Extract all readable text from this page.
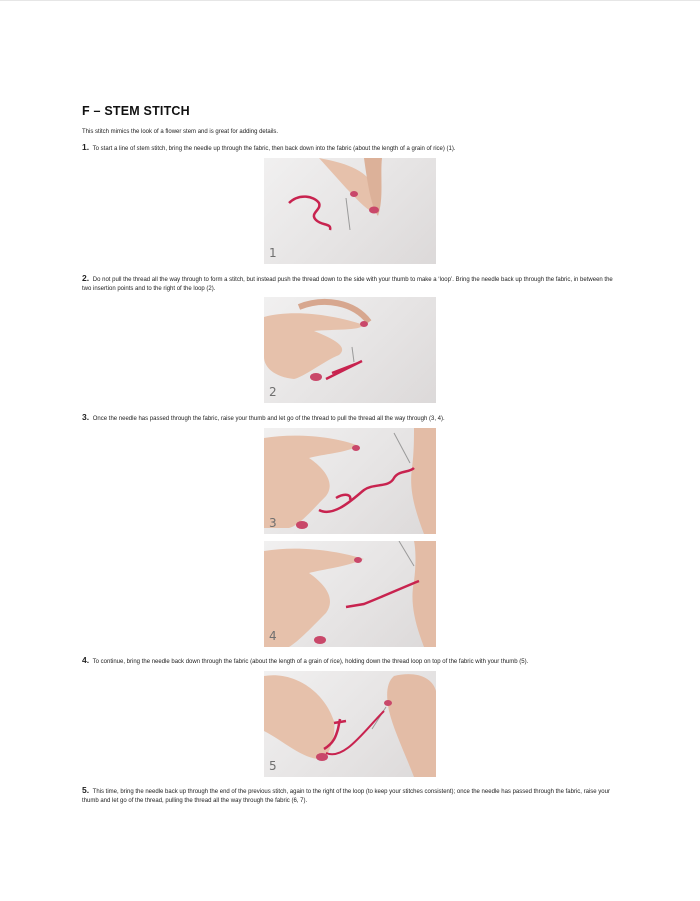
F – STEM STITCH
This stitch mimics the look of a flower stem and is great for adding details.
1. To start a line of stem stitch, bring the needle up through the fabric, then back down into the fabric (about the length of a grain of rice) (1).
1
2. Do not pull the thread all the way through to form a stitch, but instead push the thread down to the side with your thumb to make a ‘loop’. Bring the needle back up through the fabric, in between the two insertion points and to the right of the loop (2).
2
3. Once the needle has passed through the fabric, raise your thumb and let go of the thread to pull the thread all the way through (3, 4).
3
4
4. To continue, bring the needle back down through the fabric (about the length of a grain of rice), holding down the thread loop on top of the fabric with your thumb (5).
5
5. This time, bring the needle back up through the end of the previous stitch, again to the right of the loop (to keep your stitches consistent); once the needle has passed through the fabric, raise your thumb and let go of the thread, pulling the thread all the way through the fabric (6, 7).
